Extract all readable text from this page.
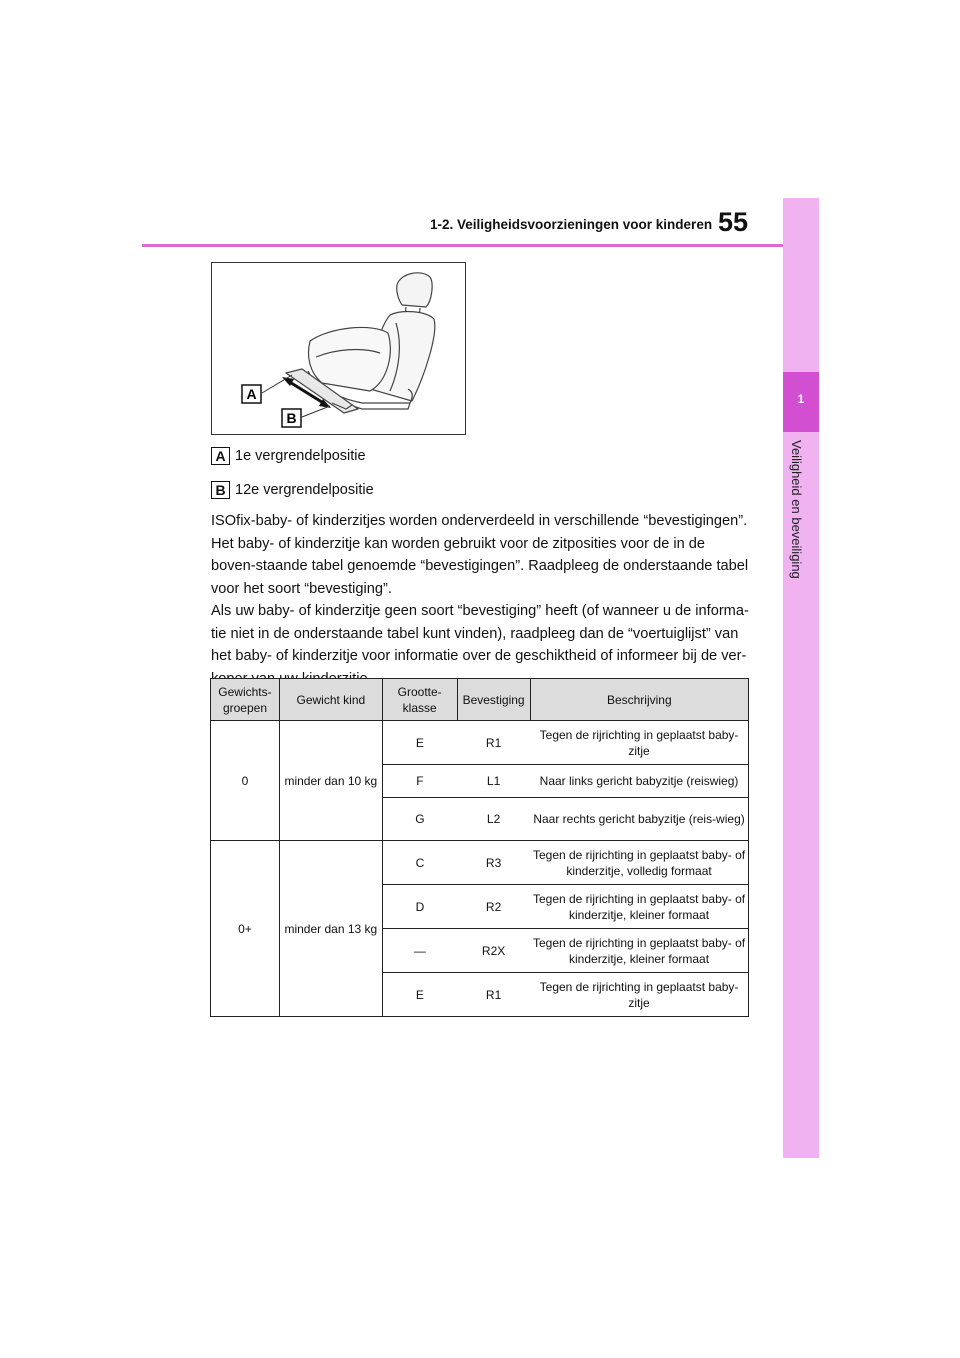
1-2. Veiligheidsvoorzieningen voor kinderen 55
1
Veiligheid en beveiliging
A
B
A 1e vergrendelpositie
B 12e vergrendelpositie

ISOfix-baby- of kinderzitjes worden onderverdeeld in verschillende “bevestigingen”. Het baby- of kinderzitje kan worden gebruikt voor de zitposities voor de in de boven-staande tabel genoemde “bevestigingen”. Raadpleeg de onderstaande tabel voor het soort “bevestiging”.

Als uw baby- of kinderzitje geen soort “bevestiging” heeft (of wanneer u de informa-tie niet in de onderstaande tabel kunt vinden), raadpleeg dan de “voertuiglijst” van het baby- of kinderzitje voor informatie over de geschiktheid of informeer bij de ver-

Gewichts-groepen	Gewicht kind	Grootte-klasse	Bevestiging	Beschrijving
0	minder dan 10 kg	E	R1	Tegen de rijrichting in geplaatst baby-zitje
		F	L1	Naar links gericht babyzitje (reiswieg)
		G	L2	Naar rechts gericht babyzitje (reis-wieg)
0+	minder dan 13 kg	C	R3	Tegen de rijrichting in geplaatst baby- of kinderzitje, volledig formaat
		D	R2	Tegen de rijrichting in geplaatst baby- of kinderzitje, kleiner formaat
		—	R2X	Tegen de rijrichting in geplaatst baby- of kinderzitje, kleiner formaat
		E	R1	Tegen de rijrichting in geplaatst baby-zitje
